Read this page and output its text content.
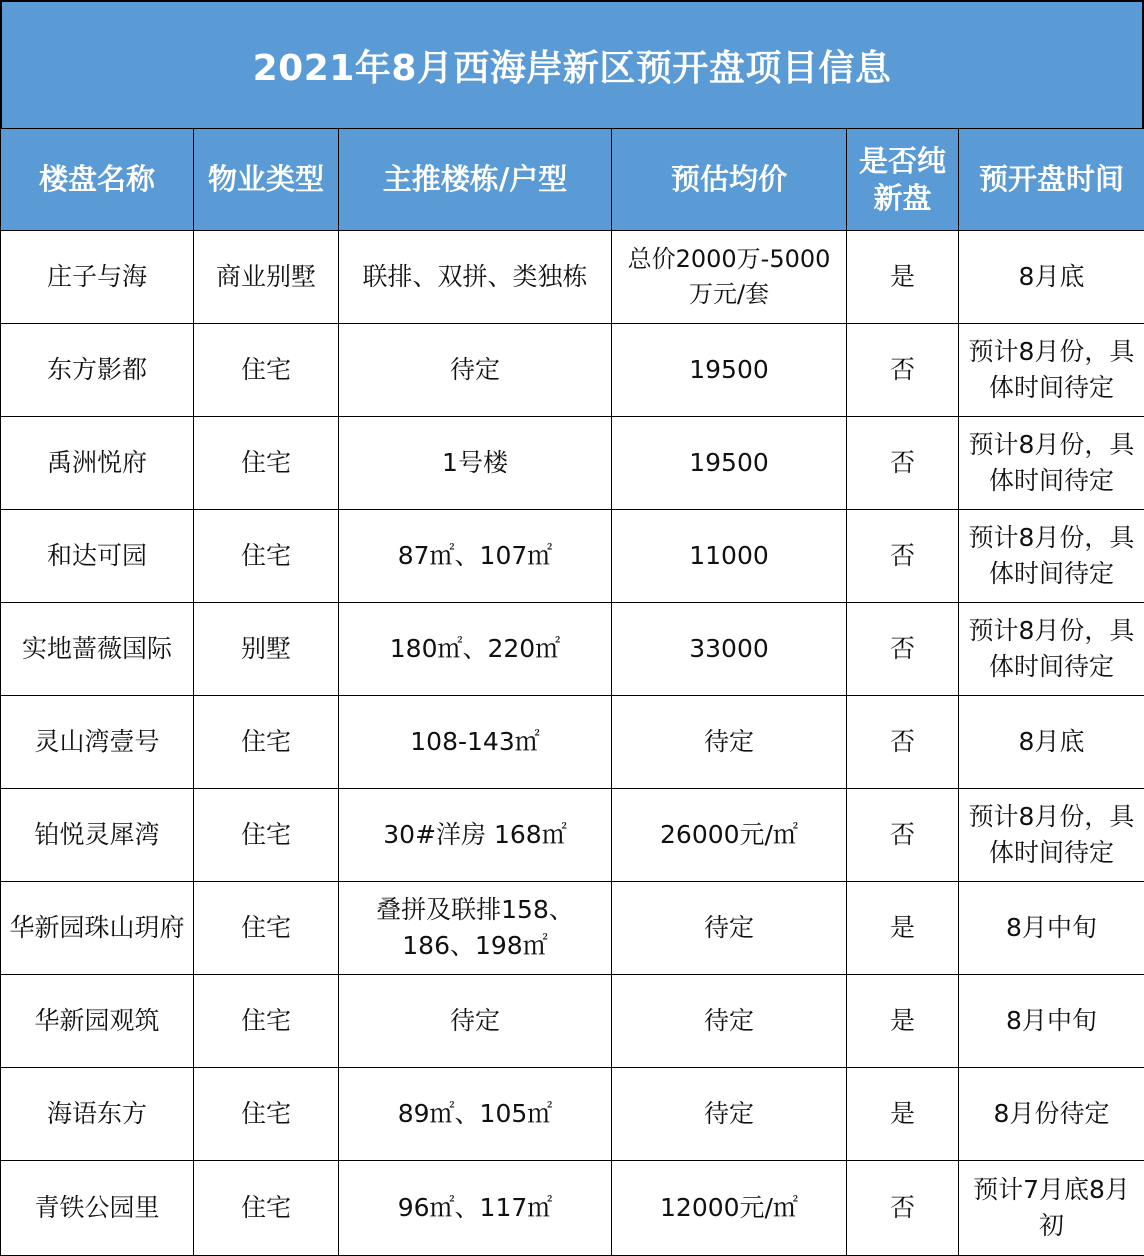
2021年8月西海岸新区预开盘项目信息
楼盘名称	物业类型	主推楼栋/户型	预估均价	是否纯新盘	预开盘时间
庄子与海	商业别墅	联排、双拼、类独栋	总价2000万-5000万元/套	是	8月底
东方影都	住宅	待定	19500	否	预计8月份，具体时间待定
禹洲悦府	住宅	1号楼	19500	否	预计8月份，具体时间待定
和达可园	住宅	87㎡、107㎡	11000	否	预计8月份，具体时间待定
实地蔷薇国际	别墅	180㎡、220㎡	33000	否	预计8月份，具体时间待定
灵山湾壹号	住宅	108-143㎡	待定	否	8月底
铂悦灵犀湾	住宅	30#洋房 168㎡	26000元/㎡	否	预计8月份，具体时间待定
华新园珠山玥府	住宅	叠拼及联排158、186、198㎡	待定	是	8月中旬
华新园观筑	住宅	待定	待定	是	8月中旬
海语东方	住宅	89㎡、105㎡	待定	是	8月份待定
青铁公园里	住宅	96㎡、117㎡	12000元/㎡	否	预计7月底8月初
